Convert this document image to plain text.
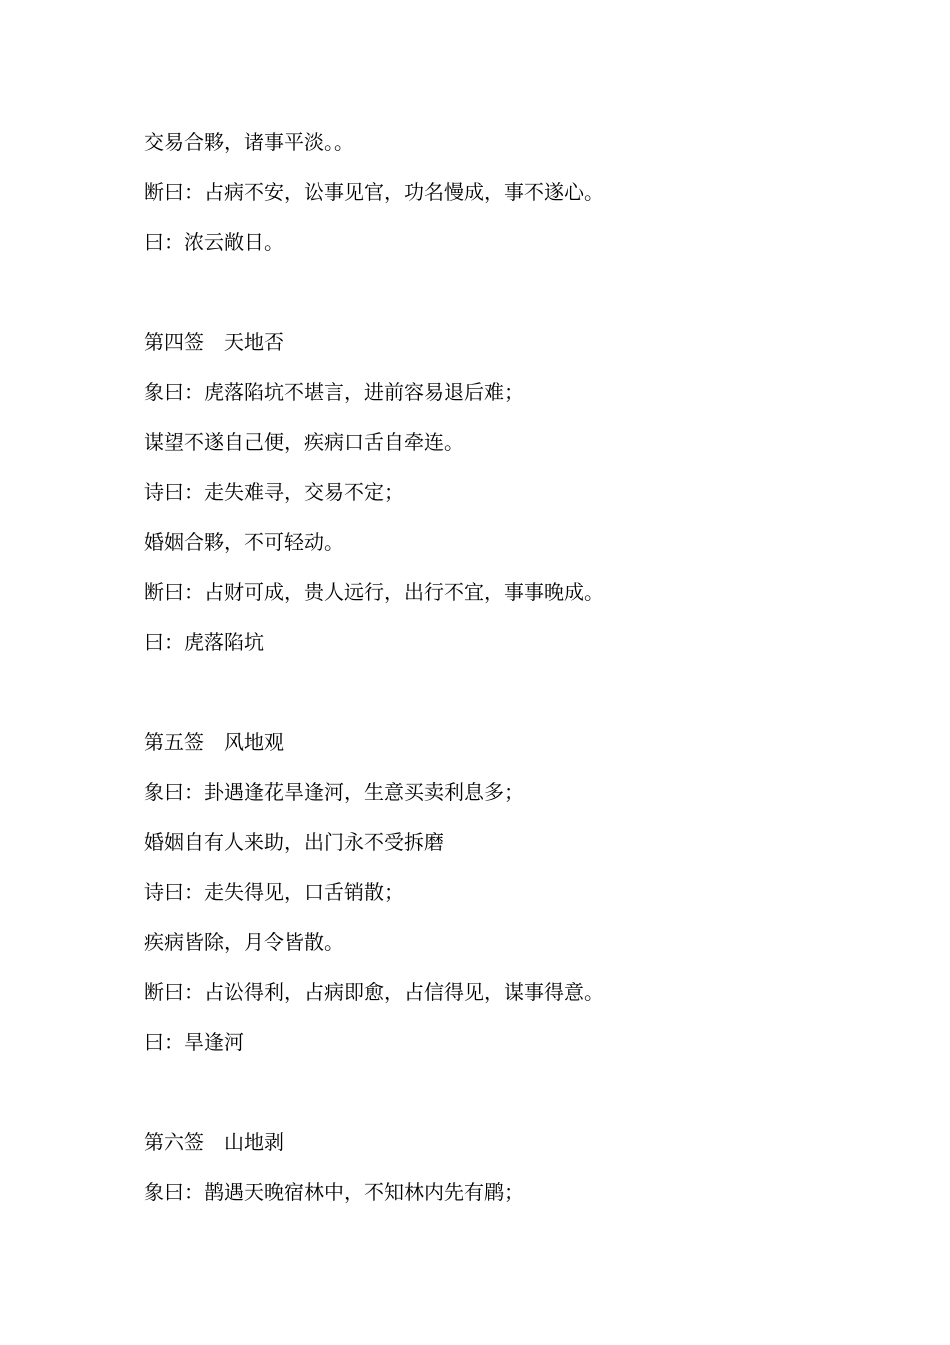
交易合夥，诸事平淡。。
断曰：占病不安，讼事见官，功名慢成，事不遂心。
曰：浓云敞日。
第四签　天地否
象曰：虎落陷坑不堪言，进前容易退后难；
谋望不遂自己便，疾病口舌自牵连。
诗曰：走失难寻，交易不定；
婚姻合夥，不可轻动。
断曰：占财可成，贵人远行，出行不宜，事事晚成。
曰：虎落陷坑
第五签　风地观
象曰：卦遇逢花旱逢河，生意买卖利息多；
婚姻自有人来助，出门永不受拆磨
诗曰：走失得见，口舌销散；
疾病皆除，月令皆散。
断曰：占讼得利，占病即愈，占信得见，谋事得意。
曰：旱逢河
第六签　山地剥
象曰：鹊遇天晚宿林中，不知林内先有鹛；
